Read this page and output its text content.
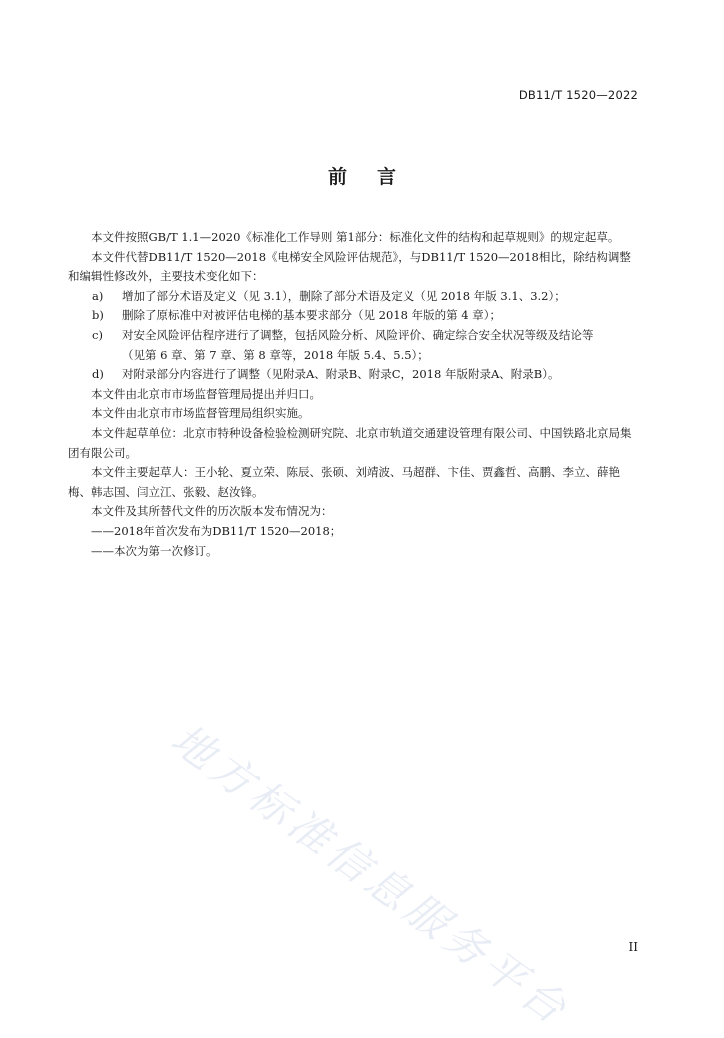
DB11/T 1520—2022
前言

本文件按照GB/T 1.1—2020《标准化工作导则 第1部分：标准化文件的结构和起草规则》的规定起草。

本文件代替DB11/T 1520—2018《电梯安全风险评估规范》，与DB11/T 1520—2018相比，除结构调整和编辑性修改外，主要技术变化如下：

a) 增加了部分术语及定义（见 3.1），删除了部分术语及定义（见 2018 年版 3.1、3.2）；

b) 删除了原标准中对被评估电梯的基本要求部分（见 2018 年版的第 4 章）；

c) 对安全风险评估程序进行了调整，包括风险分析、风险评价、确定综合安全状况等级及结论等

（见第 6 章、第 7 章、第 8 章等，2018 年版 5.4、5.5）；

d) 对附录部分内容进行了调整（见附录A、附录B、附录C，2018 年版附录A、附录B）。

本文件由北京市市场监督管理局提出并归口。

本文件由北京市市场监督管理局组织实施。

本文件起草单位：北京市特种设备检验检测研究院、北京市轨道交通建设管理有限公司、中国铁路北京局集团有限公司。

本文件主要起草人：王小轮、夏立荣、陈辰、张硕、刘靖波、马超群、卞佳、贾鑫哲、高鹏、李立、薛艳梅、韩志国、闫立江、张毅、赵汝锋。

本文件及其所替代文件的历次版本发布情况为：

——2018年首次发布为DB11/T 1520—2018；

——本次为第一次修订。

地方标准信息服务平台	II
